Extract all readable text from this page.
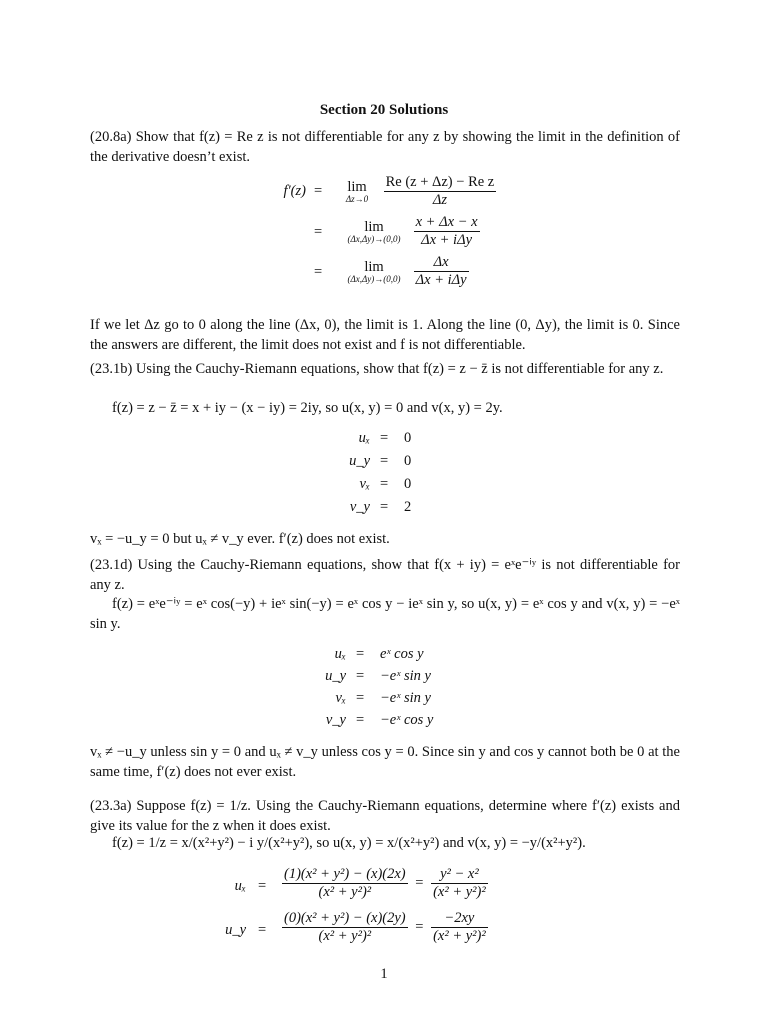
Section 20 Solutions
(20.8a) Show that f(z) = Re z is not differentiable for any z by showing the limit in the definition of the derivative doesn’t exist.
f′(z) =
=
=
lim
Δz→0
	$\frac{\text{Re (z + Δz) − Re z}}{\Delta z}$
lim
(Δx,Δy)→(0,0)
$\frac{x + \Delta x - x}{\text{Δx + iΔy}}$
lim
(Δx,Δy)→(0,0)
$\frac{\Delta x}{\text{Δx + iΔy}}$
If we let Δz go to 0 along the line (Δx, 0), the limit is 1. Along the line (0, Δy), the limit is 0. Since the answers are different, the limit does not exist and f is not differentiable.
(23.1b) Using the Cauchy-Riemann equations, show that f(z) = z − z̄ is not differentiable for any z.
f(z) = z − z̄ = x + iy − (x − iy) = 2iy, so u(x, y) = 0 and v(x, y) = 2y.
uₓ = 0
u_y = 0
vₓ = 0
v_y = 2
vₓ = −u_y = 0 but uₓ ≠ v_y ever. f′(z) does not exist.
(23.1d) Using the Cauchy-Riemann equations, show that f(x + iy) = eˣe⁻ⁱʸ is not differentiable for any z.
f(z) = eˣe⁻ⁱʸ = eˣ cos(−y) + ieˣ sin(−y) = eˣ cos y − ieˣ sin y, so u(x, y) = eˣ cos y and v(x, y) = −eˣ sin y.
uₓ = eˣ cos y
u_y = −eˣ sin y
vₓ = −eˣ sin y
v_y = −eˣ cos y
vₓ ≠ −u_y unless sin y = 0 and uₓ ≠ v_y unless cos y = 0. Since sin y and cos y cannot both be 0 at the same time, f′(z) does not ever exist.
(23.3a) Suppose f(z) = 1/z. Using the Cauchy-Riemann equations, determine where f′(z) exists and give its value for the z when it does exist.
f(z) = 1/z = x/(x²+y²) − i y/(x²+y²), so u(x, y) = x/(x²+y²) and v(x, y) = −y/(x²+y²).
$u_x = \frac{\text{(1)(x² + y²) − (x)(2x)}}{\text{(x² + y²)²}} = \frac{\text{y² − x²}}{\text{(x² + y²)²}}$
u_y = $\frac{\text{(0)(x² + y²) − (x)(2y)}}{\text{(x² + y²)²}} = \frac{-2xy}{\text{(x² + y²)²}}$
1
